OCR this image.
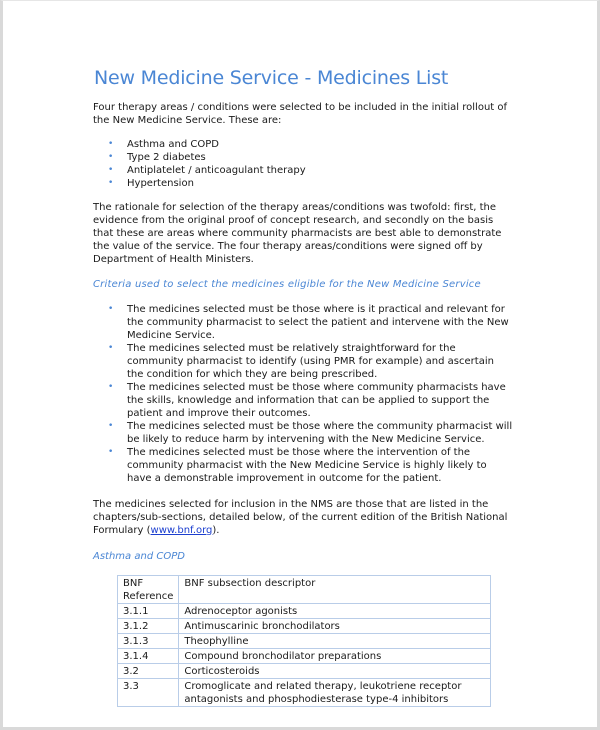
New Medicine Service - Medicines List

Four therapy areas / conditions were selected to be included in the initial rollout of the New Medicine Service. These are:

• Asthma and COPD
• Type 2 diabetes
• Antiplatelet / anticoagulant therapy
• Hypertension

The rationale for selection of the therapy areas/conditions was twofold: first, the evidence from the original proof of concept research, and secondly on the basis that these are areas where community pharmacists are best able to demonstrate the value of the service. The four therapy areas/conditions were signed off by Department of Health Ministers.

Criteria used to select the medicines eligible for the New Medicine Service

• The medicines selected must be those where is it practical and relevant for the community pharmacist to select the patient and intervene with the New Medicine Service.
• The medicines selected must be relatively straightforward for the community pharmacist to identify (using PMR for example) and ascertain the condition for which they are being prescribed.
• The medicines selected must be those where community pharmacists have the skills, knowledge and information that can be applied to support the patient and improve their outcomes.
• The medicines selected must be those where the community pharmacist will be likely to reduce harm by intervening with the New Medicine Service.
• The medicines selected must be those where the intervention of the community pharmacist with the New Medicine Service is highly likely to have a demonstrable improvement in outcome for the patient.

The medicines selected for inclusion in the NMS are those that are listed in the chapters/sub-sections, detailed below, of the current edition of the British National Formulary (www.bnf.org).

Asthma and COPD

BNF Reference	BNF subsection descriptor
3.1.1	Adrenoceptor agonists
3.1.2	Antimuscarinic bronchodilators
3.1.3	Theophylline
3.1.4	Compound bronchodilator preparations
3.2	Corticosteroids
3.3	Cromoglicate and related therapy, leukotriene receptor antagonists and phosphodiesterase type-4 inhibitors
